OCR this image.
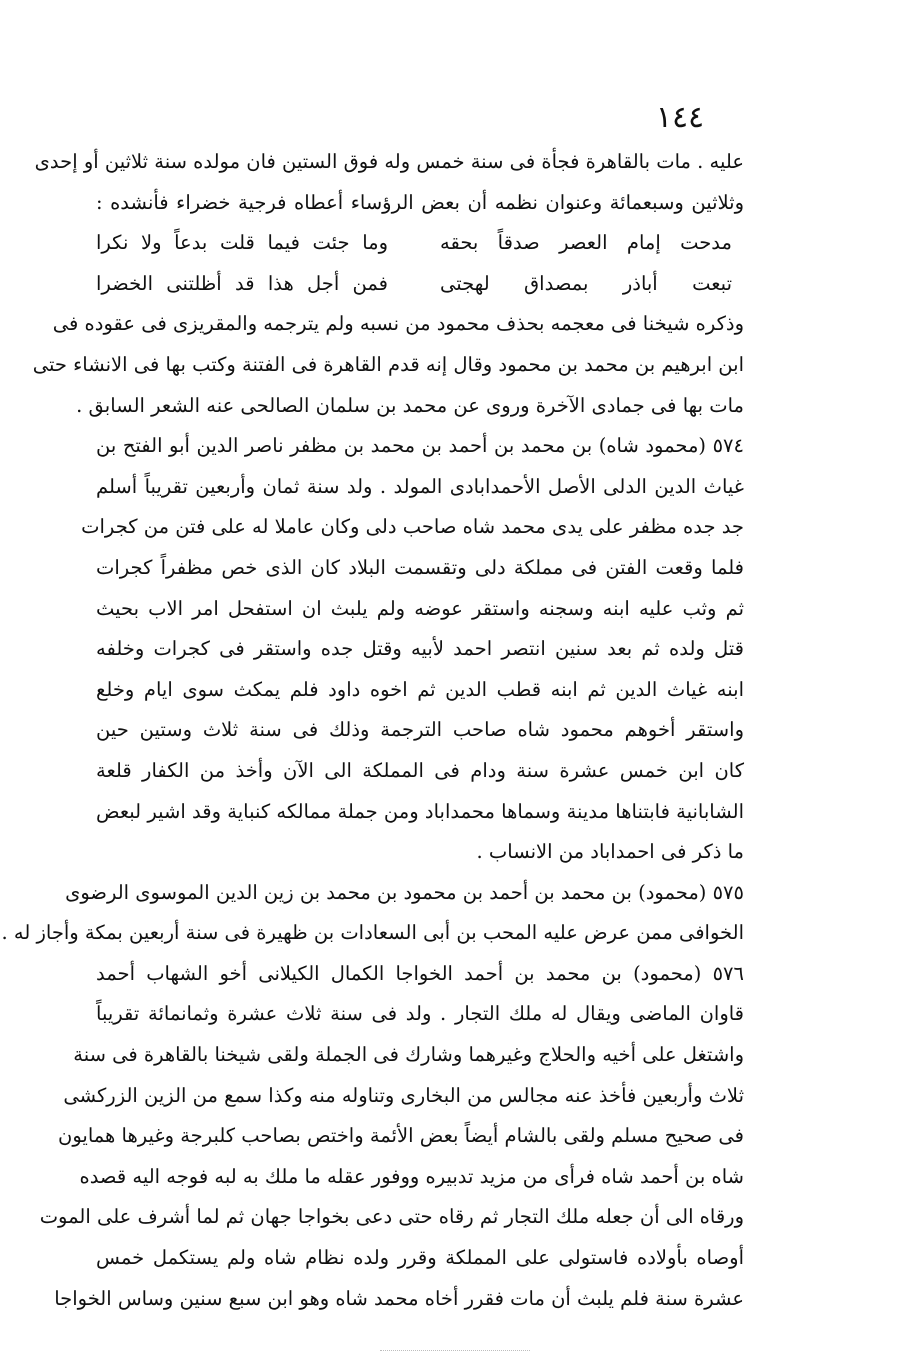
١٤٤
عليه . مات بالقاهرة فجأة فى سنة خمس وله فوق الستين فان مولده سنة ثلاثين أو إحدى
وثلاثين وسبعمائة وعنوان نظمه أن بعض الرؤساء أعطاه فرجية خضراء فأنشده :
مدحت إمام العصر صدقاً بحقه
وما جئت فيما قلت بدعاً ولا نكرا
تبعت أباذر بمصداق لهجتى
فمن أجل هذا قد أظلتنى الخضرا
وذكره شيخنا فى معجمه بحذف محمود من نسبه ولم يترجمه والمقريزى فى عقوده فى
ابن ابرهيم بن محمد بن محمود وقال إنه قدم القاهرة فى الفتنة وكتب بها فى الانشاء حتى
مات بها فى جمادى الآخرة وروى عن محمد بن سلمان الصالحى عنه الشعر السابق .
٥٧٤ (محمود شاه) بن محمد بن أحمد بن محمد بن مظفر ناصر الدين أبو الفتح بن
غياث الدين الدلى الأصل الأحمدابادى المولد . ولد سنة ثمان وأربعين تقريباً أسلم
جد جده مظفر على يدى محمد شاه صاحب دلى وكان عاملا له على فتن من كجرات
فلما وقعت الفتن فى مملكة دلى وتقسمت البلاد كان الذى خص مظفراً كجرات
ثم وثب عليه ابنه وسجنه واستقر عوضه ولم يلبث ان استفحل امر الاب بحيث
قتل ولده ثم بعد سنين انتصر احمد لأبيه وقتل جده واستقر فى كجرات وخلفه
ابنه غياث الدين ثم ابنه قطب الدين ثم اخوه داود فلم يمكث سوى ايام وخلع
واستقر أخوهم محمود شاه صاحب الترجمة وذلك فى سنة ثلاث وستين حين
كان ابن خمس عشرة سنة ودام فى المملكة الى الآن وأخذ من الكفار قلعة
الشابانية فابتناها مدينة وسماها محمداباد ومن جملة ممالكه كنباية وقد اشير لبعض
ما ذكر فى احمداباد من الانساب .
٥٧٥ (محمود) بن محمد بن أحمد بن محمود بن محمد بن زين الدين الموسوى الرضوى
الخوافى ممن عرض عليه المحب بن أبى السعادات بن ظهيرة فى سنة أربعين بمكة وأجاز له .
٥٧٦ (محمود) بن محمد بن أحمد الخواجا الكمال الكيلانى أخو الشهاب أحمد
قاوان الماضى ويقال له ملك التجار . ولد فى سنة ثلاث عشرة وثمانمائة تقريباً
واشتغل على أخيه والحلاج وغيرهما وشارك فى الجملة ولقى شيخنا بالقاهرة فى سنة
ثلاث وأربعين فأخذ عنه مجالس من البخارى وتناوله منه وكذا سمع من الزين الزركشى
فى صحيح مسلم ولقى بالشام أيضاً بعض الأئمة واختص بصاحب كلبرجة وغيرها همايون
شاه بن أحمد شاه فرأى من مزيد تدبيره ووفور عقله ما ملك به لبه فوجه اليه قصده
ورقاه الى أن جعله ملك التجار ثم رقاه حتى دعى بخواجا جهان ثم لما أشرف على الموت
أوصاه بأولاده فاستولى على المملكة وقرر ولده نظام شاه ولم يستكمل خمس
عشرة سنة فلم يلبث أن مات فقرر أخاه محمد شاه وهو ابن سبع سنين وساس الخواجا
